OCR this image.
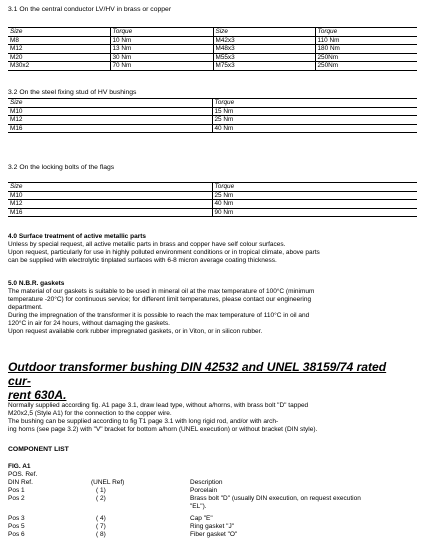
3.1 On the central conductor LV/HV in brass or copper
Size	Torque	Size	Torque
M8	10 Nm	M42x3	110 Nm
M12	13 Nm	M48x3	180 Nm
M20	30 Nm	M55x3	250Nm
M30x2	70 Nm	M75x3	250Nm
3.2 On the steel fixing stud of HV bushings
Size	Torque
M10	15 Nm
M12	25 Nm
M16	40 Nm
3.2 On the locking bolts of the flags
Size	Torque
M10	25 Nm
M12	40 Nm
M16	90 Nm
4.0 Surface treatment of active metallic parts
Unless by special request, all active metallic parts in brass and copper have self colour surfaces.
Upon request, particularly for use in highly polluted environment conditions or in tropical climate, above parts
can be supplied with electrolytic tinplated surfaces with 6-8 micron average coating thickness.
5.0 N.B.R. gaskets
The material of our gaskets is suitable to be used in mineral oil at the max temperature of 100°C (minimum
temperature -20°C) for continuous service; for different limit temperatures, please contact our engineering
department.
During the impregnation of the transformer it is possible to reach the max temperature of 110°C in oil and
120°C in air for 24 hours, without damaging the gaskets.
Upon request available cork rubber impregnated gaskets, or in Viton, or in silicon rubber.
Outdoor transformer bushing DIN 42532 and UNEL 38159/74 rated cur-
rent 630A.
Normally supplied according fig. A1 page 3.1, draw lead type, without a/horns, with brass bolt "D" tapped
M20x2,5 (Style A1) for the connection to the copper wire.
The bushing can be supplied according to fig T1 page 3.1 with long rigid rod, and/or with arch-
ing horns (see page 3.2) with "V" bracket for bottom a/horn (UNEL execution) or without bracket (DIN style).
COMPONENT LIST
FIG. A1
POS. Ref.
DIN Ref.	(UNEL Ref)	Description
Pos 1	( 1)	Porcelain
Pos 2	( 2)	Brass bolt "D" (usually DIN execution, on request execution
"EL").
Pos 3	( 4)	Cap "E"
Pos 5	( 7)	Ring gasket "J"
Pos 6	( 8)	Fiber gasket "O"
